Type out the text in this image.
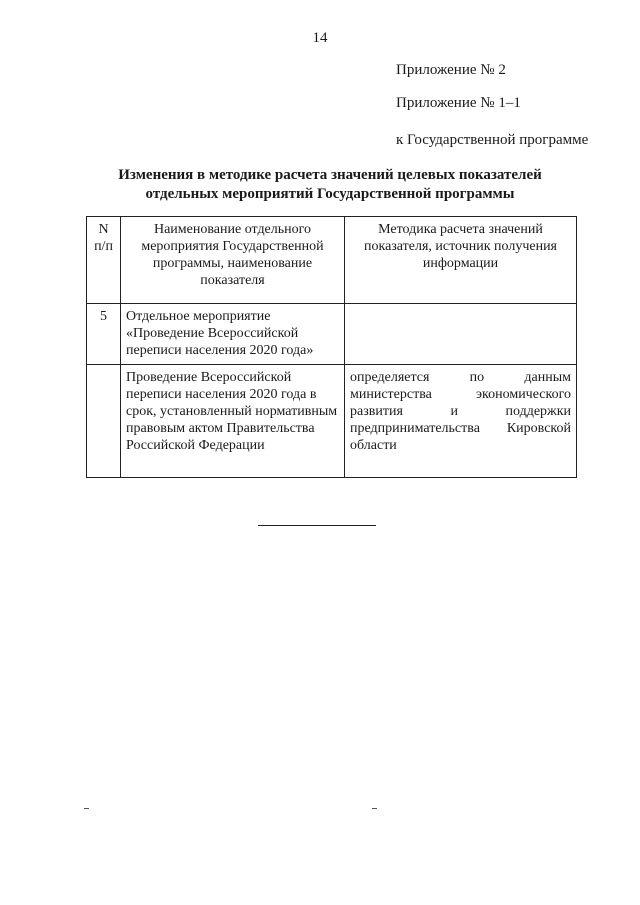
14
Приложение № 2
Приложение № 1–1
к Государственной программе
Изменения в методике расчета значений целевых показателей
отдельных мероприятий Государственной программы
N п/п	Наименование отдельного мероприятия Государственной программы, наименование показателя	Методика расчета значений показателя, источник получения информации
5	Отдельное мероприятие «Проведение Всероссийской переписи населения 2020 года»	
	Проведение Всероссийской переписи населения 2020 года в срок, установленный нормативным правовым актом Правительства Российской Федерации	определяется по данным министерства экономического развития и поддержки предпринимательства Кировской области
